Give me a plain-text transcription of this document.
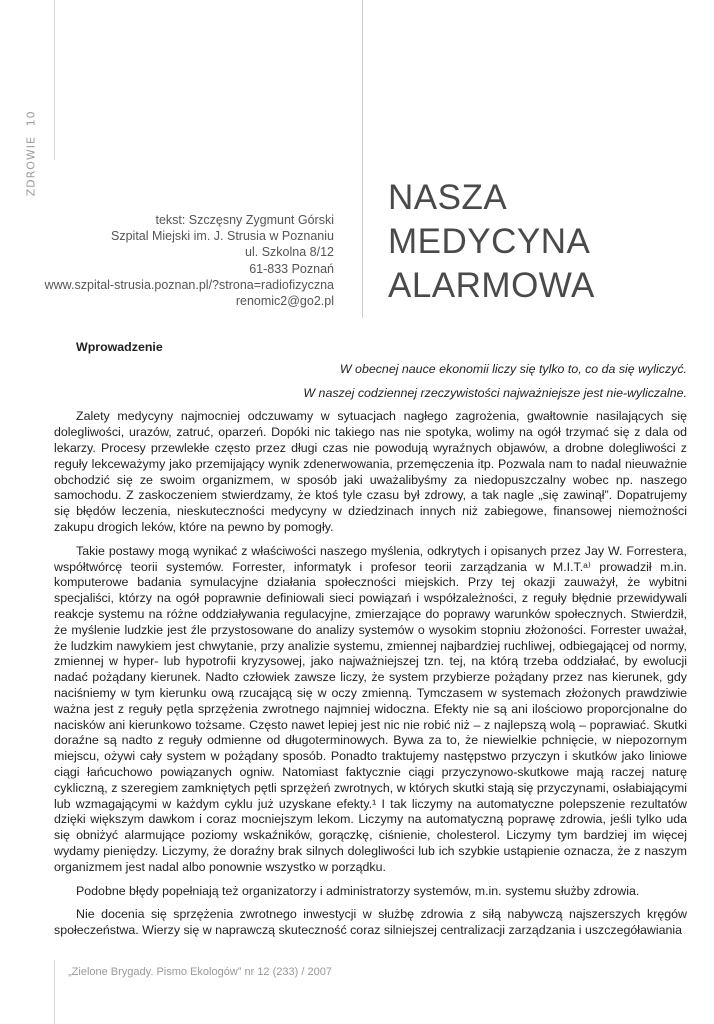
ZDROWIE
10
tekst: Szczęsny Zygmunt Górski
Szpital Miejski im. J. Strusia w Poznaniu
ul. Szkolna 8/12
61-833 Poznań
www.szpital-strusia.poznan.pl/?strona=radiofizyczna
renomic2@go2.pl
NASZA
MEDYCYNA
ALARMOWA
Wprowadzenie
W obecnej nauce ekonomii liczy się tylko to, co da się wyliczyć.
W naszej codziennej rzeczywistości najważniejsze jest nie-wyliczalne.

Zalety medycyny najmocniej odczuwamy w sytuacjach nagłego zagrożenia, gwałtownie nasilających się dolegliwości, urazów, zatruć, oparzeń. Dopóki nic takiego nas nie spotyka, wolimy na ogół trzymać się z dala od lekarzy. Procesy przewlekłe często przez długi czas nie powodują wyraźnych objawów, a drobne dolegliwości z reguły lekceważymy jako przemijający wynik zdenerwowania, przemęczenia itp. Pozwala nam to nadal nieuważnie obchodzić się ze swoim organizmem, w sposób jaki uważalibyśmy za niedopuszczalny wobec np. naszego samochodu. Z zaskoczeniem stwierdzamy, że ktoś tyle czasu był zdrowy, a tak nagle „się zawinął”. Dopatrujemy się błędów leczenia, nieskuteczności medycyny w dziedzinach innych niż zabiegowe, finansowej niemożności zakupu drogich leków, które na pewno by pomogły.

Takie postawy mogą wynikać z właściwości naszego myślenia, odkrytych i opisanych przez Jay W. Forrestera, współtwórcę teorii systemów. Forrester, informatyk i profesor teorii zarządzania w M.I.T.ᵃ⁾ prowadził m.in. komputerowe badania symulacyjne działania społeczności miejskich. Przy tej okazji zauważył, że wybitni specjaliści, którzy na ogół poprawnie definiowali sieci powiązań i współzależności, z reguły błędnie przewidywali reakcje systemu na różne oddziaływania regulacyjne, zmierzające do poprawy warunków społecznych. Stwierdził, że myślenie ludzkie jest źle przystosowane do analizy systemów o wysokim stopniu złożoności. Forrester uważał, że ludzkim nawykiem jest chwytanie, przy analizie systemu, zmiennej najbardziej ruchliwej, odbiegającej od normy, zmiennej w hyper- lub hypotrofii kryzysowej, jako najważniejszej tzn. tej, na którą trzeba oddziałać, by ewolucji nadać pożądany kierunek. Nadto człowiek zawsze liczy, że system przybierze pożądany przez nas kierunek, gdy naciśniemy w tym kierunku ową rzucającą się w oczy zmienną. Tymczasem w systemach złożonych prawdziwie ważna jest z reguły pętla sprzężenia zwrotnego najmniej widoczna. Efekty nie są ani ilościowo proporcjonalne do nacisków ani kierunkowo tożsame. Często nawet lepiej jest nic nie robić niż – z najlepszą wolą – poprawiać. Skutki doraźne są nadto z reguły odmienne od długoterminowych. Bywa za to, że niewielkie pchnięcie, w niepozornym miejscu, ożywi cały system w pożądany sposób. Ponadto traktujemy następstwo przyczyn i skutków jako liniowe ciągi łańcuchowo powiązanych ogniw. Natomiast faktycznie ciągi przyczynowo-skutkowe mają raczej naturę cykliczną, z szeregiem zamkniętych pętli sprzężeń zwrotnych, w których skutki stają się przyczynami, osłabiającymi lub wzmagającymi w każdym cyklu już uzyskane efekty.¹ I tak liczymy na automatyczne polepszenie rezultatów dzięki większym dawkom i coraz mocniejszym lekom. Liczymy na automatyczną poprawę zdrowia, jeśli tylko uda się obniżyć alarmujące poziomy wskaźników, gorączkę, ciśnienie, cholesterol. Liczymy tym bardziej im więcej wydamy pieniędzy. Liczymy, że doraźny brak silnych dolegliwości lub ich szybkie ustąpienie oznacza, że z naszym organizmem jest nadal albo ponownie wszystko w porządku.

Podobne błędy popełniają też organizatorzy i administratorzy systemów, m.in. systemu służby zdrowia.

Nie docenia się sprzężenia zwrotnego inwestycji w służbę zdrowia z siłą nabywczą najszerszych kręgów społeczeństwa. Wierzy się w naprawczą skuteczność coraz silniejszej centralizacji zarządzania i uszczegóławiania

„Zielone Brygady. Pismo Ekologów” nr 12 (233) / 2007
